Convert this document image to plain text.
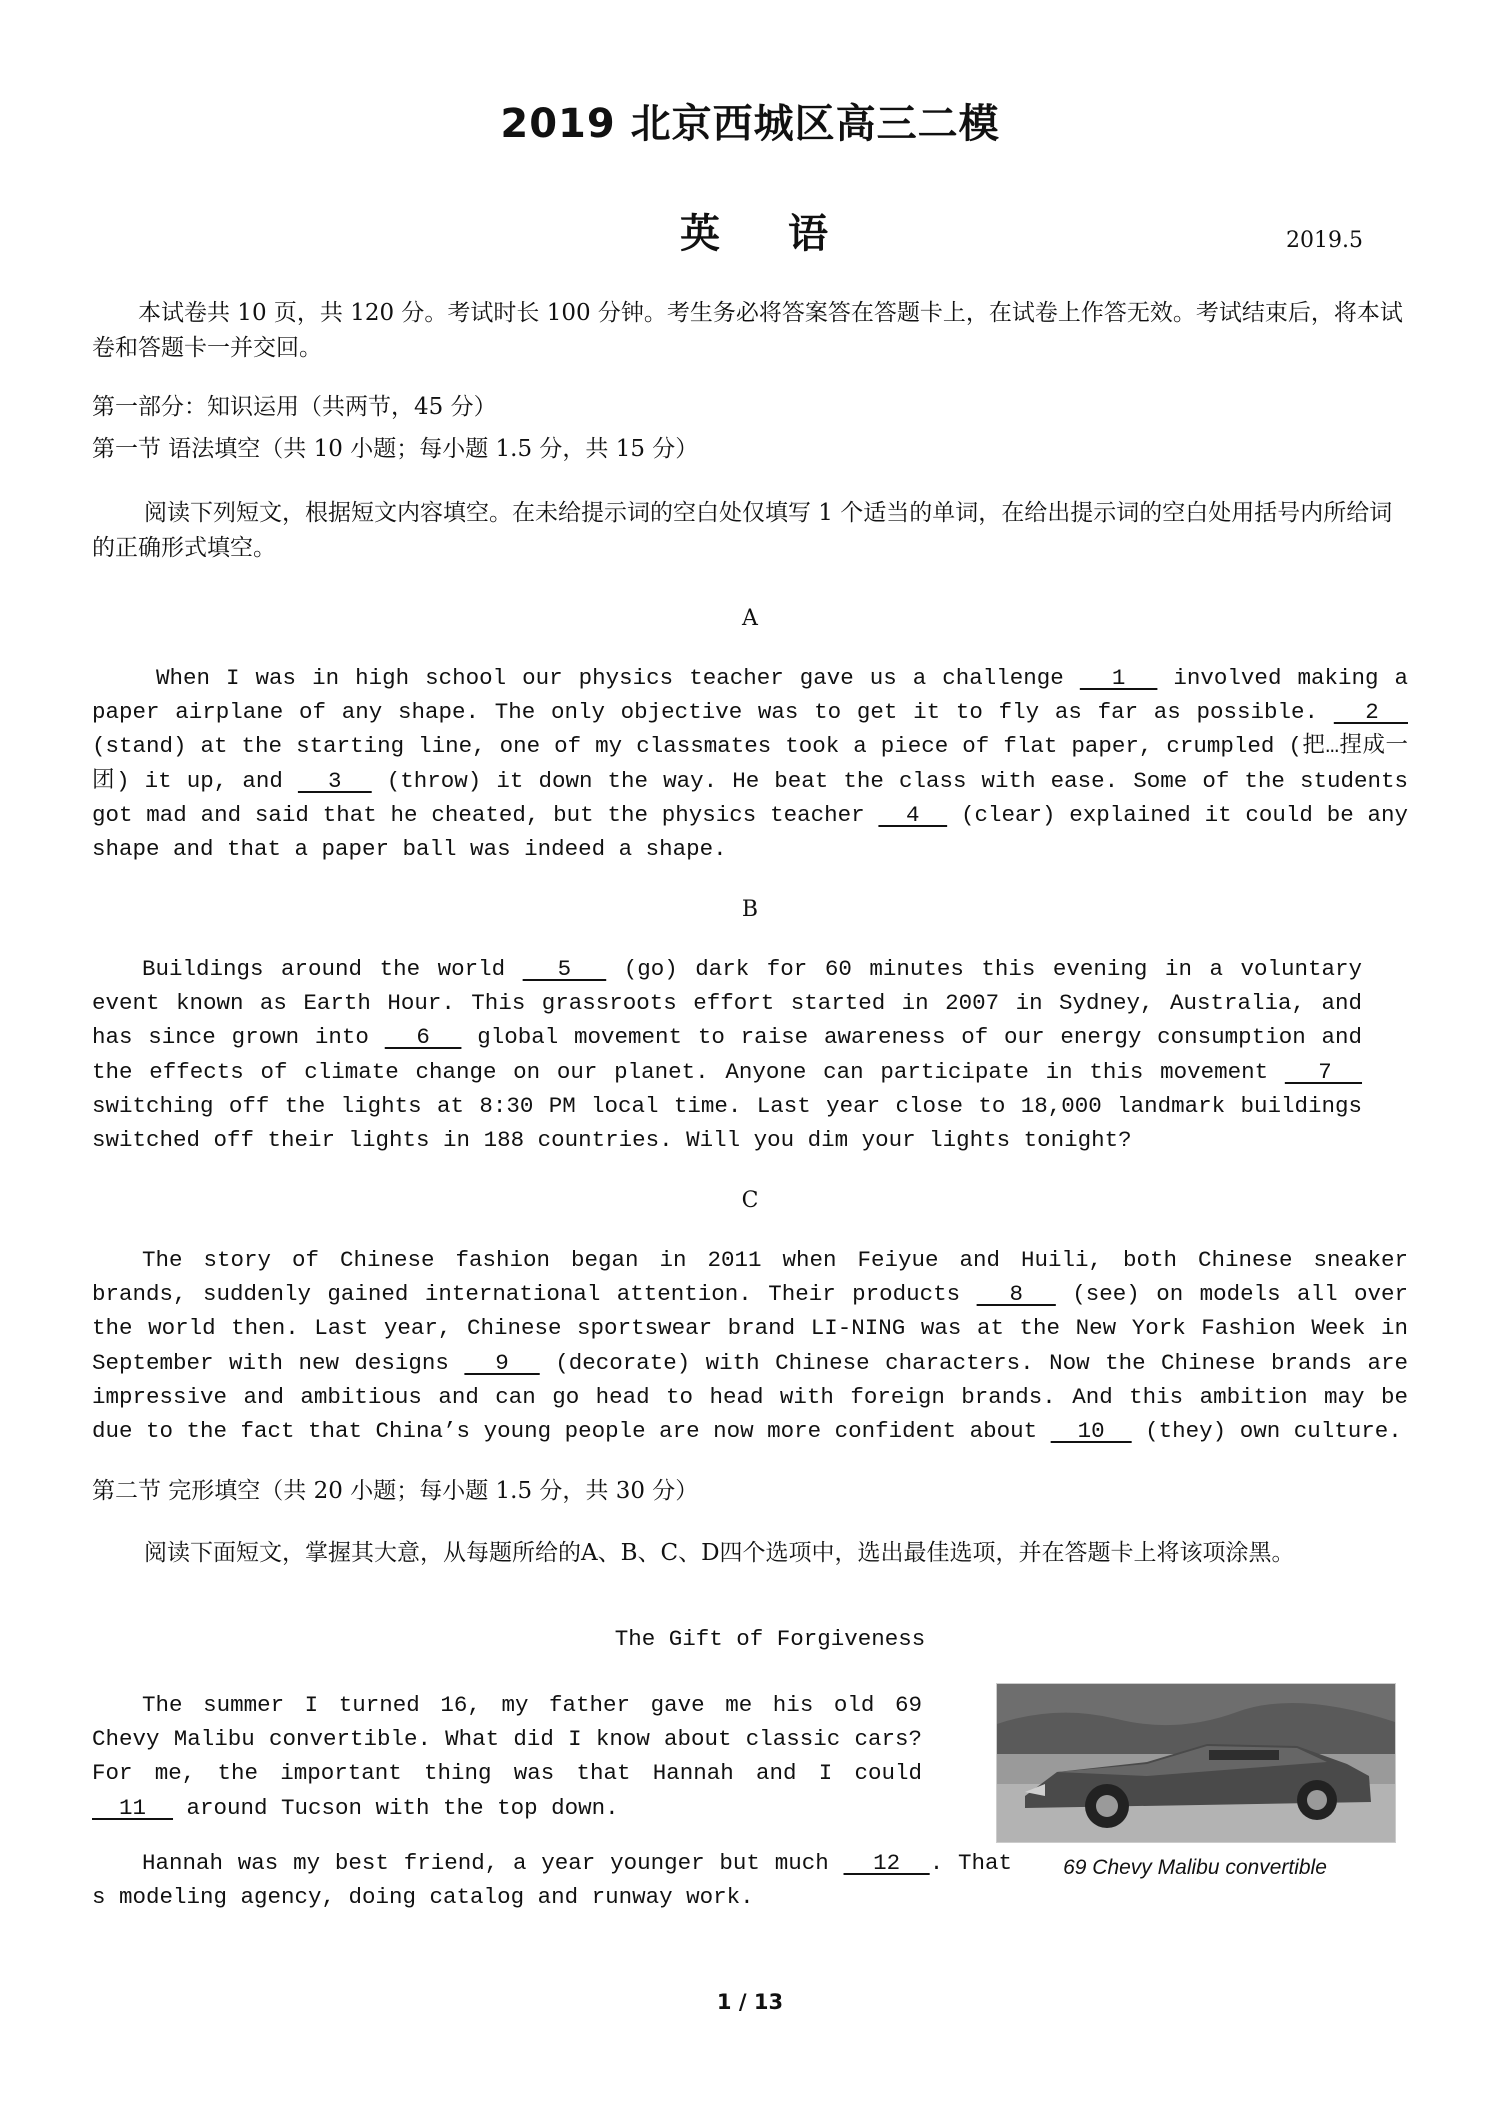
2019 北京西城区高三二模
英语	2019.5
本试卷共 10 页，共 120 分。考试时长 100 分钟。考生务必将答案答在答题卡上，在试卷上作答无效。考试结束后，将本试卷和答题卡一并交回。
第一部分：知识运用（共两节，45 分）
第一节 语法填空（共 10 小题；每小题 1.5 分，共 15 分）
阅读下列短文，根据短文内容填空。在未给提示词的空白处仅填写 1 个适当的单词，在给出提示词的空白处用括号内所给词的正确形式填空。
A
When I was in high school our physics teacher gave us a challenge   1   involved making a paper airplane of any shape. The only objective was to get it to fly as far as possible.   2   (stand) at the starting line, one of my classmates took a piece of flat paper, crumpled (把…捏成一团) it up, and   3   (throw) it down the way. He beat the class with ease. Some of the students got mad and said that he cheated, but the physics teacher   4   (clear) explained it could be any shape and that a paper ball was indeed a shape.
B
Buildings around the world   5   (go) dark for 60 minutes this evening in a voluntary event known as Earth Hour. This grassroots effort started in 2007 in Sydney, Australia, and has since grown into   6   global movement to raise awareness of our energy consumption and the effects of climate change on our planet. Anyone can participate in this movement   7   switching off the lights at 8:30 PM local time. Last year close to 18,000 landmark buildings switched off their lights in 188 countries. Will you dim your lights tonight?
C
The story of Chinese fashion began in 2011 when Feiyue and Huili, both Chinese sneaker brands, suddenly gained international attention. Their products   8   (see) on models all over the world then. Last year, Chinese sportswear brand LI-NING was at the New York Fashion Week in September with new designs   9   (decorate) with Chinese characters. Now the Chinese brands are impressive and ambitious and can go head to head with foreign brands. And this ambition may be due to the fact that China’s young people are now more confident about   10   (they) own culture.
第二节 完形填空（共 20 小题；每小题 1.5 分，共 30 分）
阅读下面短文，掌握其大意，从每题所给的A、B、C、D四个选项中，选出最佳选项，并在答题卡上将该项涂黑。
The Gift of Forgiveness
The summer I turned 16, my father gave me his old 69 Chevy Malibu convertible. What did I know about classic cars? For me, the important thing was that Hannah and I could   11   around Tucson with the top down.
Hannah was my best friend, a year younger but much   12  . That s modeling agency, doing catalog and runway work.
69 Chevy Malibu convertible
1 / 13
